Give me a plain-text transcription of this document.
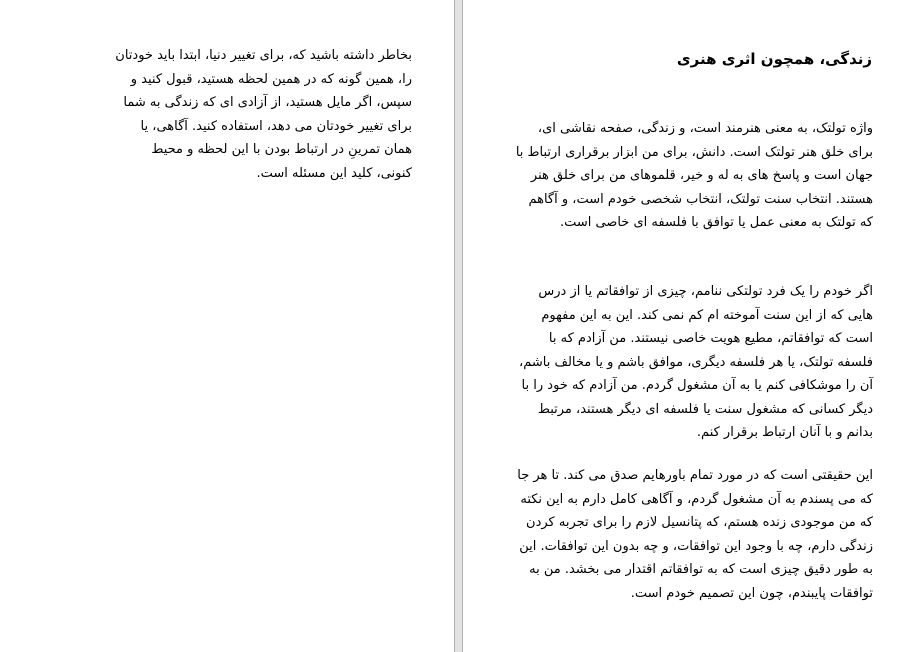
بخاطر داشته باشید که، برای تغییر دنیا، ابتدا باید خودتان را، همین گونه که در همین لحظه هستید، قبول کنید و سپس، اگر مایل هستید، از آزادی ای که زندگی به شما برای تغییر خودتان می دهد، استفاده کنید. آگاهی، یا همان تمرینِ در ارتباط بودن با این لحظه و محیط کنونی، کلید این مسئله است.

زندگی، همچون اثری هنری

واژه تولتک، به معنی هنرمند است، و زندگی، صفحه نقاشی ای، برای خلق هنر تولتک است. دانش، برای من ابزار برقراری ارتباط با جهان است و پاسخ های به له و خیر، قلموهای من برای خلق هنر هستند. انتخاب سنت تولتک، انتخاب شخصی خودم است، و آگاهم که تولتک به معنی عمل یا توافق با فلسفه ای خاصی است.

اگر خودم را یک فرد تولتکی ننامم، چیزی از توافقاتم یا از درس هایی که از این سنت آموخته ام کم نمی کند. این به این مفهوم است که توافقاتم، مطیع هویت خاصی نیستند. من آزادم که با فلسفه تولتک، یا هر فلسفه دیگری، موافق باشم و یا مخالف باشم، آن را موشکافی کنم یا به آن مشغول گردم. من آزادم که خود را با دیگر کسانی که مشغول سنت یا فلسفه ای دیگر هستند، مرتبط بدانم و با آنان ارتباط برقرار کنم.

این حقیقتی است که در مورد تمام باورهایم صدق می کند. تا هر جا که می پسندم به آن مشغول گردم، و آگاهی کامل دارم به این نکته که من موجودی زنده هستم، که پتانسیل لازم را برای تجربه کردن زندگی دارم، چه با وجود این توافقات، و چه بدون این توافقات. این به طور دقیق چیزی است که به توافقاتم اقتدار می بخشد. من به توافقات پایبندم، چون این تصمیم خودم است.
